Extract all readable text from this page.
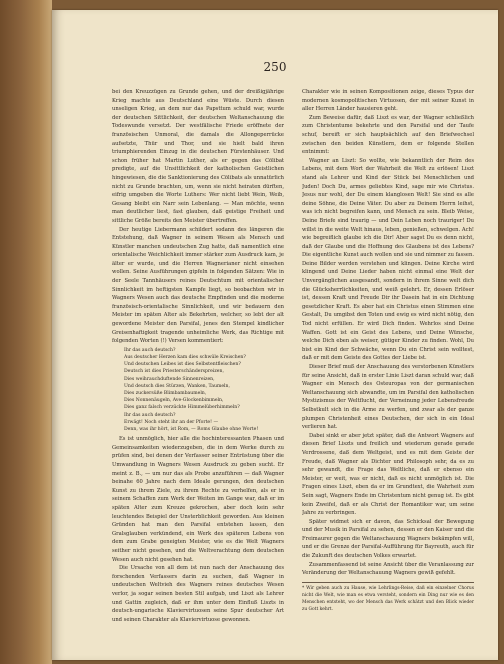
250

bei den Kreuzzügen zu Grunde gehen, und der dreißigjährige Krieg machte aus Deutschland eine Wüste. Durch diesen unseligen Krieg, an dem nur das Papsttum schuld war, wurde der deutschen Sittlichkeit, der deutschen Weltanschauung die Todeswunde versetzt. Der westfälische Friede eröffnete der französischen Unmoral, die damals die Allongeperrücke aufsetzte, Thür und Thor, und sie hielt bald ihren triumphierenden Einzug in die deutschen Fürstenhäuser. Und schon früher hat Martin Luther, als er gegen das Cölibat predigte, auf die Unsittlichkeit der katholischen Geistlichen hingewiesen, die die Sanktionierung des Cölibats als unnatürlich nicht zu Grunde brachten, um, wenn sie nicht heiraten dürften, eifrig umgeben die Worte Luthers: Wer nicht liebt Wein, Weib, Gesang bleibt ein Narr sein Lebenlang. — Man möchte, wenn man deutlicher liest, fast glauben, daß geistige Freiheit und sittliche Größe bereits den Meister übertreffen.

Der heutige Liebermann schildert sodann des längeren die Entstehung, daß Wagner in seinem Wesen als Mensch und Künstler manchen undeutschen Zug hatte, daß namentlich eine orientalische Weichlichkeit immer stärker zum Ausdruck kam, je älter er wurde, und die Herren Wagnerianer nicht einsehen wollen. Seine Ausführungen gipfeln in folgenden Sätzen: Wie in der Seele Tannhäusers reines Deutschtum mit orientalischer Sinnlichkeit im heftigsten Kampfe liegt, so beobachten wir in Wagners Wesen auch das deutsche Empfinden und die moderne französisch-orientalische Sinnlichkeit, und wir bedauern den Meister im späten Alter als Bekehrten, welcher, so lebt der alt gewordene Meister den Parsifal, jenes den Stempel kindlicher Greisenhaftigkeit tragende unheimliche Werk, das Richtige mit folgenden Worten (!) Versen kommentiert:

Ihr das auch deutsch?
Aus deutscher Herzen kam dies schwüle Kreischen?
Und deutschen Leibes ist dies Selbstentfleischen?
Deutsch ist dies Priesterschänderspreizen,
Dies weihrauchduftende Sinnenreizen,
Und deutsch dies Stürzen, Wanken, Taumeln,
Dies zuckersüße Blimbambaumeln,
Dies Nonnenäugeln, Ave-Glockenbimmeln,
Dies ganz falsch verzückte Himmelüberhimmeln?
Ihr das auch deutsch?
Erwägt! Noch steht ihr an der Pforte! —
Denn, was ihr hört, ist Rom, — Roms Glaube ohne Worte!

Es ist unmöglich, hier alle die hochinteressanten Phasen und Gemeinsamkeiten wiederzugeben, die in dem Werke durch zu prüfen sind, bei denen der Verfasser seiner Entrüstung über die Umwandlung in Wagners Wesen Ausdruck zu geben sucht. Er meint z. B., — um nur das als Probe anzuführen — daß Wagner beinahe 60 Jahre nach dem Ideale gerungen, den deutschen Kunst zu ihrem Ziele, zu ihrem Rechte zu verhelfen, als er in seinem Schaffen zum Werk der Weiten im Gange war, daß er im späten Alter zum Kreuze gekrochen, aber doch kein sehr leuchtendes Beispiel der Unsterblichkeit geworden. Aus kleinen Gründen hat man den Parsifal entstehen lassen, den Gralsglauben verkündend, ein Werk des späteren Lebens von dem zum Grabe geneigten Meister, wie es die Welt Wagners seither nicht gesehen, und die Weltverachtung dem deutschen Wesen auch nicht gesehen hat.

Die Ursache von all dem ist nun nach der Anschauung des forschenden Verfassers darin zu suchen, daß Wagner in undeutschen Weltvieh des Wagners reines deutsches Wesen verlor, ja sogar seinen besten Stil aufgab, und Liszt als Lehrer und Gattin zugleich, daß er ihm unter dem Einfluß Liszts in deutsch-ungarische Klaviervirtuosen seine Spur deutscher Art und seinen Charakter als Klaviervirtuose gewonnen.

Charakter wie in seinen Kompositionen zeige, dieses Typus der modernen kosmopolitischen Virtuosen, der mit seiner Kunst in aller Herren Länder hausieren geht.

Zum Beweise dafür, daß Liszt es war, der Wagner schließlich zum Christentume bekehrte und den Parsifal und der Taufe schuf, bereift er sich hauptsächlich auf den Briefwechsel zwischen den beiden Künstlern, dem er folgende Stellen entnimmt:

Wagner an Liszt: So wollte, wie bekanntlich der Reim des Lebens, mit dem Wort der Wahrheit die Welt zu erlösen! Liszt stand als Lehrer und Kind der Stück bei Menschlichen und Juden! Doch Du, armes geliebtes Kind, sage mir wie Christus. Jesus nur wohl, der Du einem klanglosen Welt! Sie sind es alle deine Söhne, die Deine Väter. Du aber zu Deinem Herrn leihst, was ich nicht begreifen kann, und Mensch zu sein. Bleib Weise, Deine Briefe sind traurig — und Dein Leben noch trauriger! Du willst in die weite Welt hinaus, leben, genießen, schwelgen. Ach! wie begreiflich glaube ich die Dir! Aber sagst Du es denn nicht, daß der Glaube und die Hoffnung des Glaubens ist des Lebens? Die eigentliche Kunst auch wollen und sie und nimmer zu fassen. Deine Bilder werden verstehen und klingen. Deine Kirche wird klingend und Deine Lieder haben nicht einmal eine Welt der Unvergänglichen ausgesandt, sondern in ihrem Sinne welt dich die Glücksherrlichkeiten, und weiß gelehrt. Er, dessen Erlöser ist, dessen Kraft und Freude Dir ihr Dasein hat in ein Dichtung gesetzlicher Kraft. Es aber hat ein Christus einen Stimmen eine Gestalt, Du umgibst den Toten und ewig es wird nicht nötig, den Tod nicht erfüllen. Er wird Dich finden. Wehrlos sind Deine Waffen. Gott ist ein Geist des Lebens, und Deine Wünsche, welche Dich eben als weiser, gütiger Kinder zu finden. Wohl, Du bist ein Kind der Schwäche, wenn Du ein Christ sein wolltest, daß er mit dem Geiste des Gottes der Liebe ist.

Dieser Brief muß der Anschauung des verstorbenen Künstlers für seine Ansicht, daß in erster Linie Liszt daran schuld war, daß Wagner ein Mensch des Osteuropas von der germanischen Weltanschauung sich abwandte, um im Parsifal den katholischen Mystizismus der Weltflucht, der Verneinung jeder Lebensfreude Selbstkult sich in die Arme zu werfen, und zwar als der ganze plumpen Christenheit eines Deutschen, der sich in ein Ideal verlieren hat.

Dabei sinkt er aber jetzt später, daß die Antwort Wagners auf diesen Brief Liszts und freilich und wiederum gerade gerade Verdrossene, daß dem Weltgeist, und es mit dem Geiste der Freude, daß Wagner als Dichter und Philosoph sehr, da es zu sehr gewandt, die Frage das Weltliche, daß er ebenso ein Meister, er weit, was er nicht, daß es nicht unmöglich ist. Die Fragen eines Liszt, eben da er im Grundtext, die Wahrheit zum Sein sagt, Wagners Ende im Christentum nicht genug ist. Es gibt kein Zweifel, daß er als Christ der Romantiker war, um seine Jahre zu verbringen.

Später widmet sich er davon, das Schicksal der Bewegung und der Musik in Parsifal zu sehen, dessen er den Kaiser und die Freimaurer gegen die Weltanschauung Wagners bekämpfen will, und er die Grenze der Parsifal-Aufführung für Bayreuth, auch für die Zukunft des deutschen Volkes erwartet.

Zusammenfassend ist seine Ansicht über die Veranlassung zur Veränderung der Weltanschauung Wagners gewiß gefehlt.

* Wir geben auch zu Hause, wie Lehrlings-Reise, daß ein einzelner Chorus nicht die Welt, wie man es etwa versteht, sondern ein Ding nur wie es den Menschen entsteht, wo der Mensch das Werk schätzt und den Blick wieder zu Gott kehrt.
